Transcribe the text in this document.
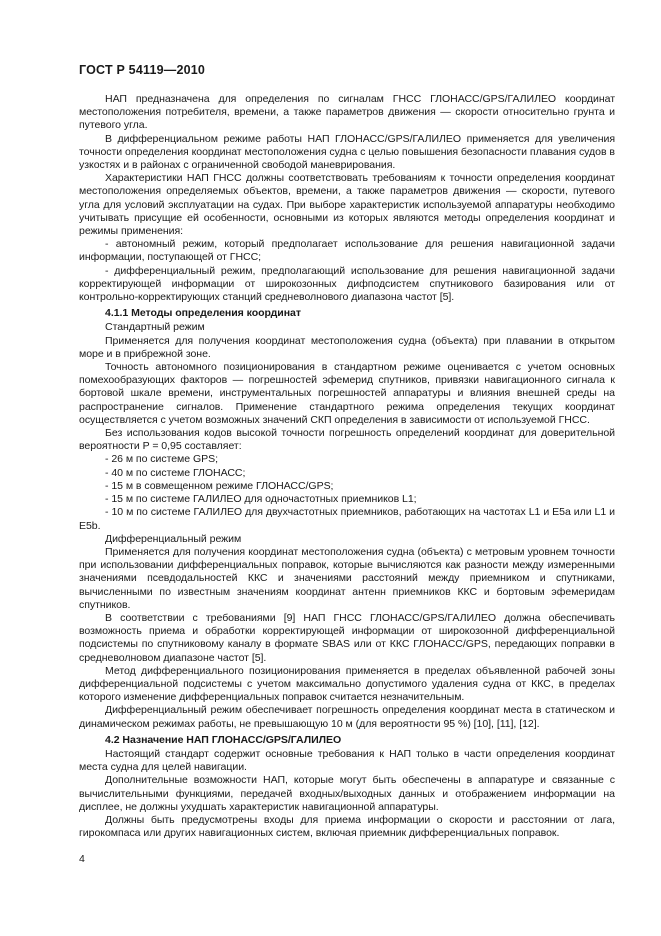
ГОСТ Р 54119—2010

НАП предназначена для определения по сигналам ГНСС ГЛОНАСС/GPS/ГАЛИЛЕО координат местоположения потребителя, времени, а также параметров движения — скорости относительно грунта и путевого угла.

В дифференциальном режиме работы НАП ГЛОНАСС/GPS/ГАЛИЛЕО применяется для увеличения точности определения координат местоположения судна с целью повышения безопасности плавания судов в узкостях и в районах с ограниченной свободой маневрирования.

Характеристики НАП ГНСС должны соответствовать требованиям к точности определения координат местоположения определяемых объектов, времени, а также параметров движения — скорости, путевого угла для условий эксплуатации на судах. При выборе характеристик используемой аппаратуры необходимо учитывать присущие ей особенности, основными из которых являются методы определения координат и режимы применения:

- автономный режим, который предполагает использование для решения навигационной задачи информации, поступающей от ГНСС;

- дифференциальный режим, предполагающий использование для решения навигационной задачи корректирующей информации от широкозонных дифподсистем спутникового базирования или от контрольно-корректирующих станций средневолнового диапазона частот [5].

4.1.1 Методы определения координат

Стандартный режим

Применяется для получения координат местоположения судна (объекта) при плавании в открытом море и в прибрежной зоне.

Точность автономного позиционирования в стандартном режиме оценивается с учетом основных помехообразующих факторов — погрешностей эфемерид спутников, привязки навигационного сигнала к бортовой шкале времени, инструментальных погрешностей аппаратуры и влияния внешней среды на распространение сигналов. Применение стандартного режима определения текущих координат осуществляется с учетом возможных значений СКП определения в зависимости от используемой ГНСС.

Без использования кодов высокой точности погрешность определений координат для доверительной вероятности P = 0,95 составляет:

- 26 м по системе GPS;

- 40 м по системе ГЛОНАСС;

- 15 м в совмещенном режиме ГЛОНАСС/GPS;

- 15 м по системе ГАЛИЛЕО для одночастотных приемников L1;

- 10 м по системе ГАЛИЛЕО для двухчастотных приемников, работающих на частотах L1 и E5a или L1 и E5b.

Дифференциальный режим

Применяется для получения координат местоположения судна (объекта) с метровым уровнем точности при использовании дифференциальных поправок, которые вычисляются как разности между измеренными значениями псевдодальностей ККС и значениями расстояний между приемником и спутниками, вычисленными по известным значениям координат антенн приемников ККС и бортовым эфемеридам спутников.

В соответствии с требованиями [9] НАП ГНСС ГЛОНАСС/GPS/ГАЛИЛЕО должна обеспечивать возможность приема и обработки корректирующей информации от широкозонной дифференциальной подсистемы по спутниковому каналу в формате SBAS или от ККС ГЛОНАСС/GPS, передающих поправки в средневолновом диапазоне частот [5].

Метод дифференциального позиционирования применяется в пределах объявленной рабочей зоны дифференциальной подсистемы с учетом максимально допустимого удаления судна от ККС, в пределах которого изменение дифференциальных поправок считается незначительным.

Дифференциальный режим обеспечивает погрешность определения координат места в статическом и динамическом режимах работы, не превышающую 10 м (для вероятности 95 %) [10], [11], [12].

4.2 Назначение НАП ГЛОНАСС/GPS/ГАЛИЛЕО

Настоящий стандарт содержит основные требования к НАП только в части определения координат места судна для целей навигации.

Дополнительные возможности НАП, которые могут быть обеспечены в аппаратуре и связанные с вычислительными функциями, передачей входных/выходных данных и отображением информации на дисплее, не должны ухудшать характеристик навигационной аппаратуры.

Должны быть предусмотрены входы для приема информации о скорости и расстоянии от лага, гирокомпаса или других навигационных систем, включая приемник дифференциальных поправок.

4
